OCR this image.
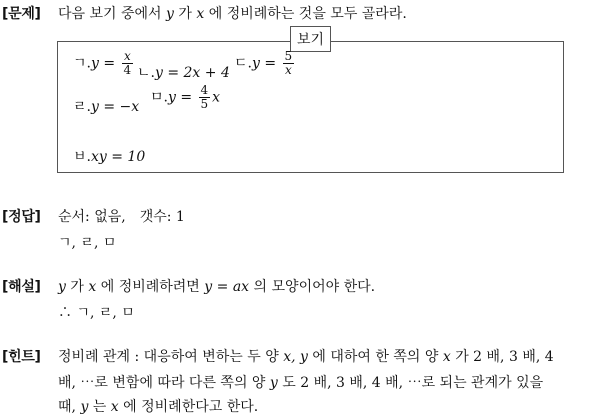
[문제] 다음 보기 중에서 y 가 x 에 정비례하는 것을 모두 골라라.
보기
ㄱ$.y = \frac{x}{4}$ ㄴ.y = 2x + 4
ㄷ$.y = \frac{5}{x}$
ㄹ.y = −x
ㅁ$.y = \frac{4}{5}$ x
ㅂ.xy = 10
[정답] 순서: 없음,　갯수: 1
ㄱ, ㄹ, ㅁ
[해설] y 가 x 에 정비례하려면 y = ax 의 모양이어야 한다.
∴ ㄱ, ㄹ, ㅁ
[힌트] 정비례 관계 : 대응하여 변하는 두 양 x, y 에 대하여 한 쪽의 양 x 가 2 배, 3 배, 4
배, ⋯로 변함에 따라 다른 쪽의 양 y 도 2 배, 3 배, 4 배, ⋯로 되는 관계가 있을
때, y 는 x 에 정비례한다고 한다.
